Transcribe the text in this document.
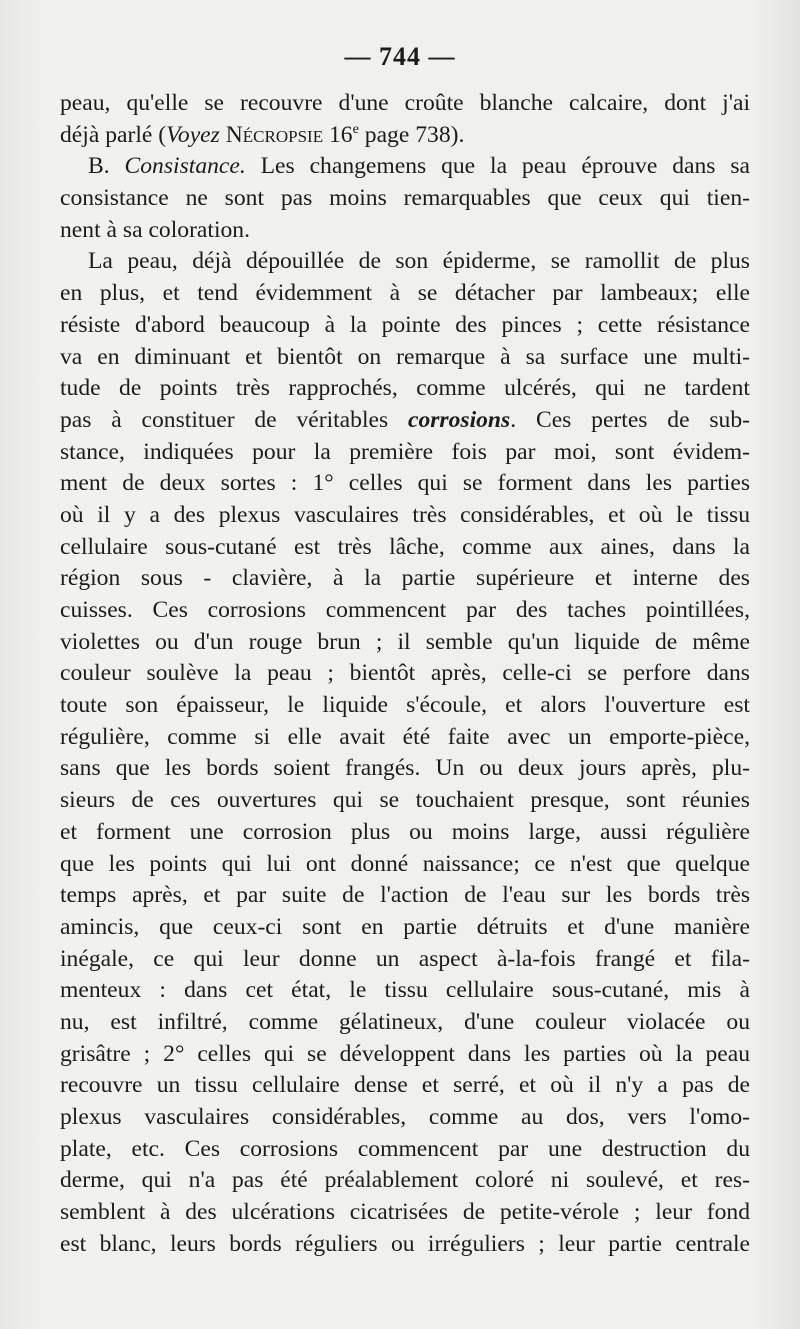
— 744 —
peau, qu'elle se recouvre d'une croûte blanche calcaire, dont j'ai
déjà parlé (Voyez Nécropsie 16e page 738).
B. Consistance. Les changemens que la peau éprouve dans sa
consistance ne sont pas moins remarquables que ceux qui tien-
nent à sa coloration.
La peau, déjà dépouillée de son épiderme, se ramollit de plus
en plus, et tend évidemment à se détacher par lambeaux; elle
résiste d'abord beaucoup à la pointe des pinces ; cette résistance
va en diminuant et bientôt on remarque à sa surface une multi-
tude de points très rapprochés, comme ulcérés, qui ne tardent
pas à constituer de véritables corrosions. Ces pertes de sub-
stance, indiquées pour la première fois par moi, sont évidem-
ment de deux sortes : 1° celles qui se forment dans les parties
où il y a des plexus vasculaires très considérables, et où le tissu
cellulaire sous-cutané est très lâche, comme aux aines, dans la
région sous - clavière, à la partie supérieure et interne des
cuisses. Ces corrosions commencent par des taches pointillées,
violettes ou d'un rouge brun ; il semble qu'un liquide de même
couleur soulève la peau ; bientôt après, celle-ci se perfore dans
toute son épaisseur, le liquide s'écoule, et alors l'ouverture est
régulière, comme si elle avait été faite avec un emporte-pièce,
sans que les bords soient frangés. Un ou deux jours après, plu-
sieurs de ces ouvertures qui se touchaient presque, sont réunies
et forment une corrosion plus ou moins large, aussi régulière
que les points qui lui ont donné naissance; ce n'est que quelque
temps après, et par suite de l'action de l'eau sur les bords très
amincis, que ceux-ci sont en partie détruits et d'une manière
inégale, ce qui leur donne un aspect à-la-fois frangé et fila-
menteux : dans cet état, le tissu cellulaire sous-cutané, mis à
nu, est infiltré, comme gélatineux, d'une couleur violacée ou
grisâtre ; 2° celles qui se développent dans les parties où la peau
recouvre un tissu cellulaire dense et serré, et où il n'y a pas de
plexus vasculaires considérables, comme au dos, vers l'omo-
plate, etc. Ces corrosions commencent par une destruction du
derme, qui n'a pas été préalablement coloré ni soulevé, et res-
semblent à des ulcérations cicatrisées de petite-vérole ; leur fond
est blanc, leurs bords réguliers ou irréguliers ; leur partie centrale
